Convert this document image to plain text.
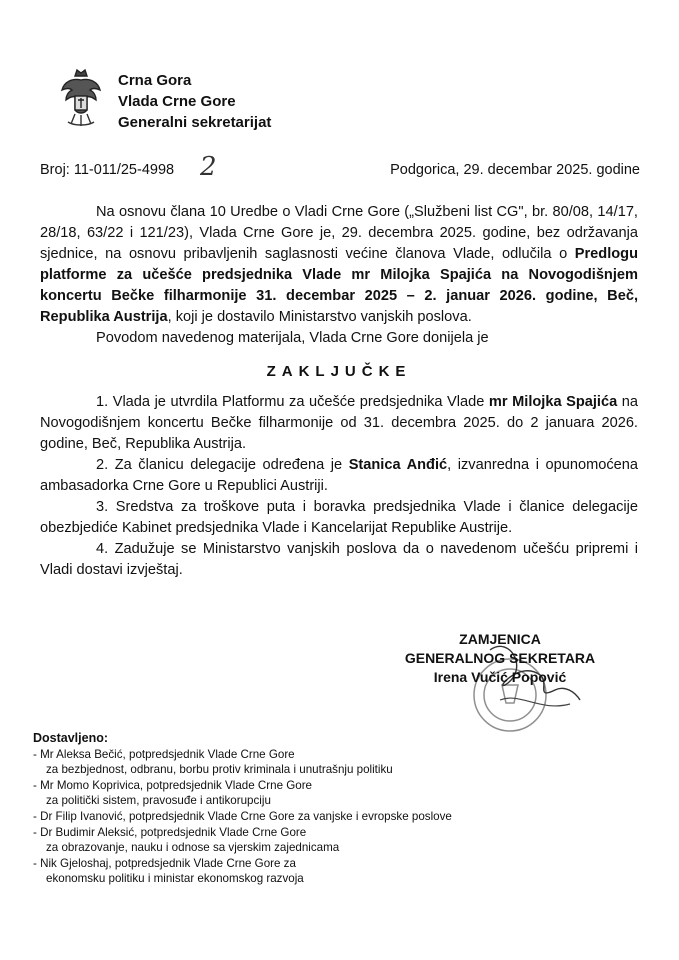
Crna Gora
Vlada Crne Gore
Generalni sekretarijat
Broj: 11-011/25-4998 2	Podgorica, 29. decembar 2025. godine

Na osnovu člana 10 Uredbe o Vladi Crne Gore („Službeni list CG", br. 80/08, 14/17, 28/18, 63/22 i 121/23), Vlada Crne Gore je, 29. decembra 2025. godine, bez održavanja sjednice, na osnovu pribavljenih saglasnosti većine članova Vlade, odlučila o Predlogu platforme za učešće predsjednika Vlade mr Milojka Spajića na Novogodišnjem koncertu Bečke filharmonije 31. decembar 2025 – 2. januar 2026. godine, Beč, Republika Austrija, koji je dostavilo Ministarstvo vanjskih poslova.

Povodom navedenog materijala, Vlada Crne Gore donijela je

ZAKLJUČKE

1. Vlada je utvrdila Platformu za učešće predsjednika Vlade mr Milojka Spajića na Novogodišnjem koncertu Bečke filharmonije od 31. decembra 2025. do 2 januara 2026. godine, Beč, Republika Austrija.

2. Za članicu delegacije određena je Stanica Anđić, izvanredna i opunomoćena ambasadorka Crne Gore u Republici Austriji.

3. Sredstva za troškove puta i boravka predsjednika Vlade i članice delegacije obezbjediće Kabinet predsjednika Vlade i Kancelarijat Republike Austrije.

4. Zadužuje se Ministarstvo vanjskih poslova da o navedenom učešću pripremi i Vladi dostavi izvještaj.

ZAMJENICA
GENERALNOG SEKRETARA
Irena Vučić Popović
Dostavljeno:
- Mr Aleksa Bečić, potpredsjednik Vlade Crne Gore
za bezbjednost, odbranu, borbu protiv kriminala i unutrašnju politiku
- Mr Momo Koprivica, potpredsjednik Vlade Crne Gore
za politički sistem, pravosuđe i antikorupciju
- Dr Filip Ivanović, potpredsjednik Vlade Crne Gore za vanjske i evropske poslove
- Dr Budimir Aleksić, potpredsjednik Vlade Crne Gore
za obrazovanje, nauku i odnose sa vjerskim zajednicama
- Nik Gjeloshaj, potpredsjednik Vlade Crne Gore za
ekonomsku politiku i ministar ekonomskog razvoja
